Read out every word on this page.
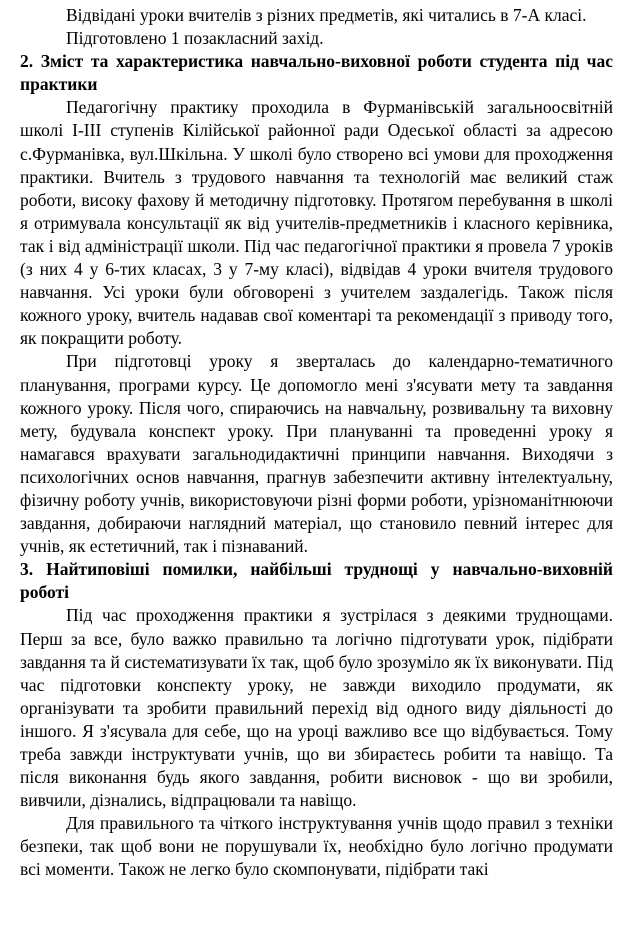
Відвідані уроки вчителів з різних предметів, які читались в 7-А класі.

Підготовлено 1 позакласний захід.

2. Зміст та характеристика навчально-виховної роботи студента під час практики

Педагогічну практику проходила в Фурманівській загальноосвітній школі І-ІІІ ступенів Кілійської районної ради Одеської області за адресою с.Фурманівка, вул.Шкільна. У школі було створено всі умови для проходження практики. Вчитель з трудового навчання та технологій має великий стаж роботи, високу фахову й методичну підготовку. Протягом перебування в школі я отримувала консультації як від учителів-предметників і класного керівника, так і від адміністрації школи. Під час педагогічної практики я провела 7 уроків (з них 4 у 6-тих класах, 3 у 7-му класі), відвідав 4 уроки вчителя трудового навчання. Усі уроки були обговорені з учителем заздалегідь. Також після кожного уроку, вчитель надавав свої коментарі та рекомендації з приводу того, як покращити роботу.

При підготовці уроку я зверталась до календарно-тематичного планування, програми курсу. Це допомогло мені з'ясувати мету та завдання кожного уроку. Після чого, спираючись на навчальну, розвивальну та виховну мету, будувала конспект уроку. При плануванні та проведенні уроку я намагався врахувати загальнодидактичні принципи навчання. Виходячи з психологічних основ навчання, прагнув забезпечити активну інтелектуальну, фізичну роботу учнів, використовуючи різні форми роботи, урізноманітнюючи завдання, добираючи наглядний матеріал, що становило певний інтерес для учнів, як естетичний, так і пізнаваний.

3. Найтиповіші помилки, найбільші труднощі у навчально-виховній роботі

Під час проходження практики я зустрілася з деякими труднощами. Перш за все, було важко правильно та логічно підготувати урок, підібрати завдання та й систематизувати їх так, щоб було зрозуміло як їх виконувати. Під час підготовки конспекту уроку, не завжди виходило продумати, як організувати та зробити правильний перехід від одного виду діяльності до іншого. Я з'ясувала для себе, що на уроці важливо все що відбувається. Тому треба завжди інструктувати учнів, що ви збираєтесь робити та навіщо. Та після виконання будь якого завдання, робити висновок - що ви зробили, вивчили, дізнались, відпрацювали та навіщо.

Для правильного та чіткого інструктування учнів щодо правил з техніки безпеки, так щоб вони не порушували їх, необхідно було логічно продумати всі моменти. Також не легко було скомпонувати, підібрати такі
